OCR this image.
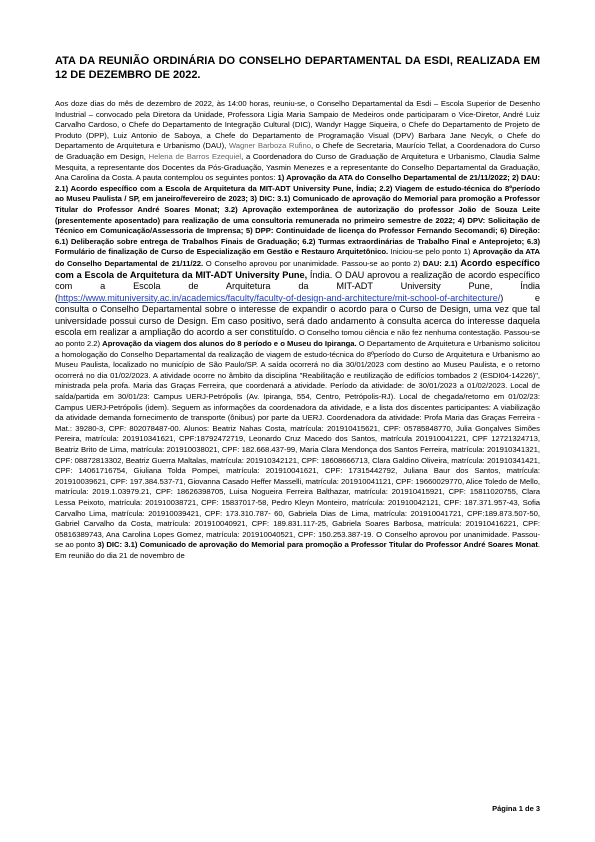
ATA DA REUNIÃO ORDINÁRIA DO CONSELHO DEPARTAMENTAL DA ESDI, REALIZADA EM 12 DE DEZEMBRO DE 2022.
Aos doze dias do mês de dezembro de 2022, às 14:00 horas, reuniu-se, o Conselho Departamental da Esdi – Escola Superior de Desenho Industrial – convocado pela Diretora da Unidade, Professora Ligia Maria Sampaio de Medeiros onde participaram o Vice-Diretor, André Luiz Carvalho Cardoso, o Chefe do Departamento de Integração Cultural (DIC), Wandyr Hagge Siqueira, o Chefe do Departamento de Projeto de Produto (DPP), Luiz Antonio de Saboya, a Chefe do Departamento de Programação Visual (DPV) Barbara Jane Necyk, o Chefe do Departamento de Arquitetura e Urbanismo (DAU), Wagner Barboza Rufino, o Chefe de Secretaria, Maurício Tellat, a Coordenadora do Curso de Graduação em Design, Helena de Barros Ezequiel, a Coordenadora do Curso de Graduação de Arquitetura e Urbanismo, Claudia Salme Mesquita, a representante dos Docentes da Pós-Graduação, Yasmin Menezes e a representante do Conselho Departamental da Graduação, Ana Carolina da Costa. A pauta contemplou os seguintes pontos: 1) Aprovação da ATA do Conselho Departamental de 21/11/2022; 2) DAU: 2.1) Acordo específico com a Escola de Arquitetura da MIT-ADT University Pune, Índia; 2.2) Viagem de estudo-técnica do 8ºperíodo ao Museu Paulista / SP, em janeiro/fevereiro de 2023; 3) DIC: 3.1) Comunicado de aprovação do Memorial para promoção a Professor Titular do Professor André Soares Monat; 3.2) Aprovação extemporânea de autorização do professor João de Souza Leite (presentemente aposentado) para realização de uma consultoria remunerada no primeiro semestre de 2022; 4) DPV: Solicitação de Técnico em Comunicação/Assessoria de Imprensa; 5) DPP: Continuidade de licença do Professor Fernando Secomandi; 6) Direção: 6.1) Deliberação sobre entrega de Trabalhos Finais de Graduação; 6.2) Turmas extraordinárias de Trabalho Final e Anteprojeto; 6.3) Formulário de finalização de Curso de Especialização em Gestão e Restauro Arquitetônico. Iniciou-se pelo ponto 1) Aprovação da ATA do Conselho Departamental de 21/11/22. O Conselho aprovou por unanimidade. Passou-se ao ponto 2) DAU: 2.1) Acordo específico com a Escola de Arquitetura da MIT-ADT University Pune, Índia. O DAU aprovou a realização de acordo específico com a Escola de Arquitetura da MIT-ADT University Pune, Índia (https://www.mituniversity.ac.in/academics/faculty/faculty-of-design-and-architecture/mit-school-of-architecture/) e consulta o Conselho Departamental sobre o interesse de expandir o acordo para o Curso de Design, uma vez que tal universidade possui curso de Design. Em caso positivo, será dado andamento à consulta acerca do interesse daquela escola em realizar a ampliação do acordo a ser constituído. O Conselho tomou ciência e não fez nenhuma contestação. Passou-se ao ponto 2.2) Aprovação da viagem dos alunos do 8 período e o Museu do Ipiranga. O Departamento de Arquitetura e Urbanismo solicitou a homologação do Conselho Departamental da realização de viagem de estudo-técnica do 8ºperíodo do Curso de Arquitetura e Urbanismo ao Museu Paulista, localizado no município de São Paulo/SP. A saída ocorrerá no dia 30/01/2023 com destino ao Museu Paulista, e o retorno ocorrerá no dia 01/02/2023. A atividade ocorre no âmbito da disciplina "Reabilitação e reutilização de edifícios tombados 2 (ESDI04-14226)", ministrada pela profa. Maria das Graças Ferreira, que coordenará a atividade. Período da atividade: de 30/01/2023 a 01/02/2023. Local de saída/partida em 30/01/23: Campus UERJ-Petrópolis (Av. Ipiranga, 554, Centro, Petrópolis-RJ). Local de chegada/retorno em 01/02/23: Campus UERJ-Petrópolis (idem). Seguem as informações da coordenadora da atividade, e a lista dos discentes participantes: A viabilização da atividade demanda fornecimento de transporte (ônibus) por parte da UERJ. Coordenadora da atividade: Profa Maria das Graças Ferreira -Mat.: 39280-3, CPF: 802078487-00. Alunos: Beatriz Nahas Costa, matrícula: 201910415621, CPF: 05785848770, Julia Gonçalves Simões Pereira, matrícula: 201910341621, CPF:18792472719, Leonardo Cruz Macedo dos Santos, matrícula 201910041221, CPF 12721324713, Beatriz Brito de Lima, matrícula: 201910038021, CPF: 182.668.437-99, Maria Clara Mendonça dos Santos Ferreira, matrícula: 201910341321, CPF: 08872813302, Beatriz Guerra Maltalas, matrícula: 201910342121, CPF: 18608666713, Clara Galdino Oliveira, matrícula: 201910341421, CPF: 14061716754, Giuliana Tolda Pompei, matrícula: 201910041621, CPF: 17315442792, Juliana Baur dos Santos, matrícula: 201910039621, CPF: 197.384.537-71, Giovanna Casado Heffer Masselli, matrícula: 201910041121, CPF: 19660029770, Alice Toledo de Mello, matrícula: 2019.1.03979.21, CPF: 18626398705, Luisa Nogueira Ferreira Balthazar, matrícula: 201910415921, CPF: 15811020755, Clara Lessa Peixoto, matrícula: 201910038721, CPF: 15837017-58, Pedro Kleyn Monteiro, matrícula: 201910042121, CPF: 187.371.957-43, Sofia Carvalho Lima, matrícula: 201910039421, CPF: 173.310.787- 60, Gabriela Dias de Lima, matrícula: 201910041721, CPF:189.873.507-50, Gabriel Carvalho da Costa, matrícula: 201910040921, CPF: 189.831.117-25, Gabriela Soares Barbosa, matrícula: 201910416221, CPF: 05816389743, Ana Carolina Lopes Gomez, matrícula: 201910040521, CPF: 150.253.387-19. O Conselho aprovou por unanimidade. Passou-se ao ponto 3) DIC: 3.1) Comunicado de aprovação do Memorial para promoção a Professor Titular do Professor André Soares Monat. Em reunião do dia 21 de novembro de
Página 1 de 3
